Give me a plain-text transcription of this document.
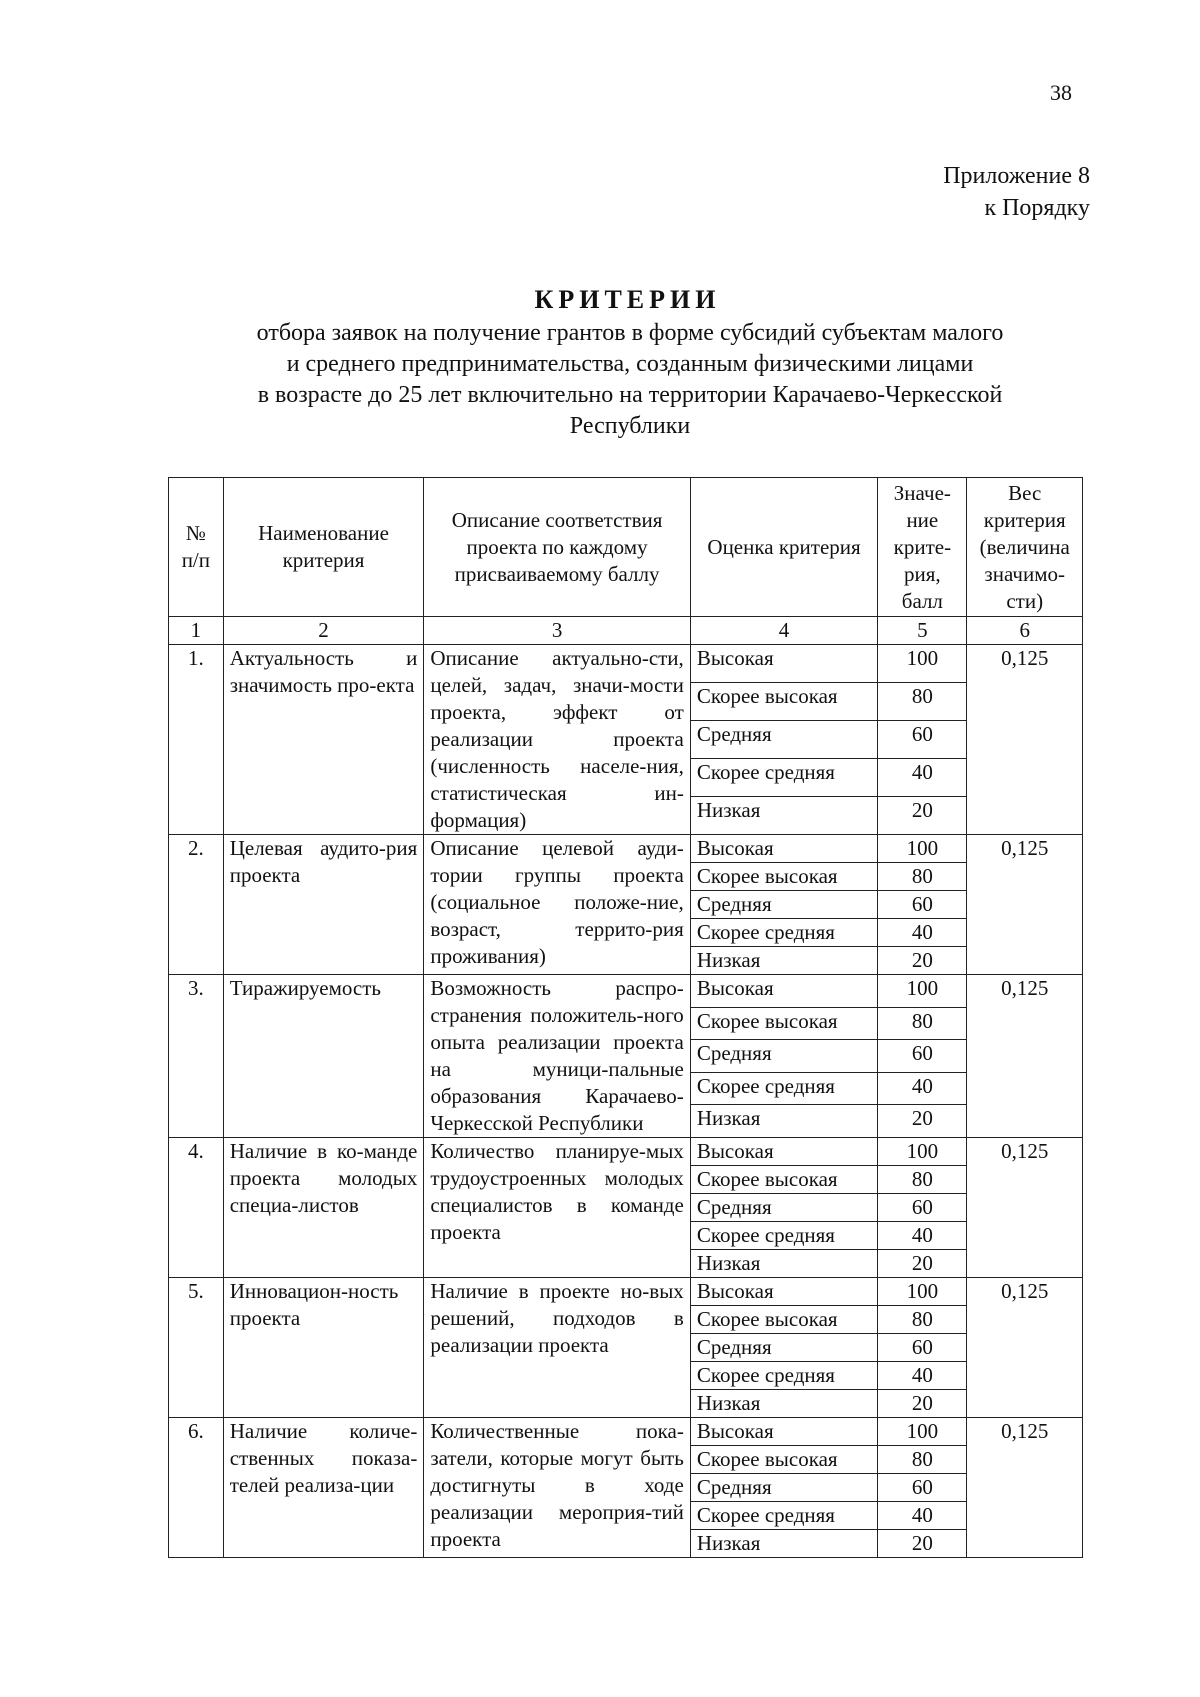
38
Приложение 8
к Порядку
КРИТЕРИИ
отбора заявок на получение грантов в форме субсидий субъектам малого
и среднего предпринимательства, созданным физическими лицами
в возрасте до 25 лет включительно на территории Карачаево-Черкесской
Республики
№ п/п	Наименование критерия	Описание соответствия проекта по каждому присваиваемому баллу	Оценка критерия	Значе-ние крите-рия, балл	Вес критерия (величина значимо-сти)
1	2	3	4	5	6
1.	Актуальность и значимость про-екта	Описание актуально-сти, целей, задач, значи-мости проекта, эффект от реализации проекта (численность населе-ния, статистическая ин-формация)	Высокая	100	0,125
			Скорее высокая	80	
			Средняя	60	
			Скорее средняя	40	
			Низкая	20	
2.	Целевая аудито-рия проекта	Описание целевой ауди-тории группы проекта (социальное положе-ние, возраст, террито-рия проживания)	Высокая	100	0,125
			Скорее высокая	80	
			Средняя	60	
			Скорее средняя	40	
			Низкая	20	
3.	Тиражируемость	Возможность распро-странения положитель-ного опыта реализации проекта на муници-пальные образования Карачаево-Черкесской Республики	Высокая	100	0,125
			Скорее высокая	80	
			Средняя	60	
			Скорее средняя	40	
			Низкая	20	
4.	Наличие в ко-манде проекта молодых специа-листов	Количество планируе-мых трудоустроенных молодых специалистов в команде проекта	Высокая	100	0,125
			Скорее высокая	80	
			Средняя	60	
			Скорее средняя	40	
			Низкая	20	
5.	Инновацион-ность проекта	Наличие в проекте но-вых решений, подходов в реализации проекта	Высокая	100	0,125
			Скорее высокая	80	
			Средняя	60	
			Скорее средняя	40	
			Низкая	20	
6.	Наличие количе-ственных показа-телей реализа-ции	Количественные пока-затели, которые могут быть достигнуты в ходе реализации мероприя-тий проекта	Высокая	100	0,125
			Скорее высокая	80	
			Средняя	60	
			Скорее средняя	40	
			Низкая	20	
